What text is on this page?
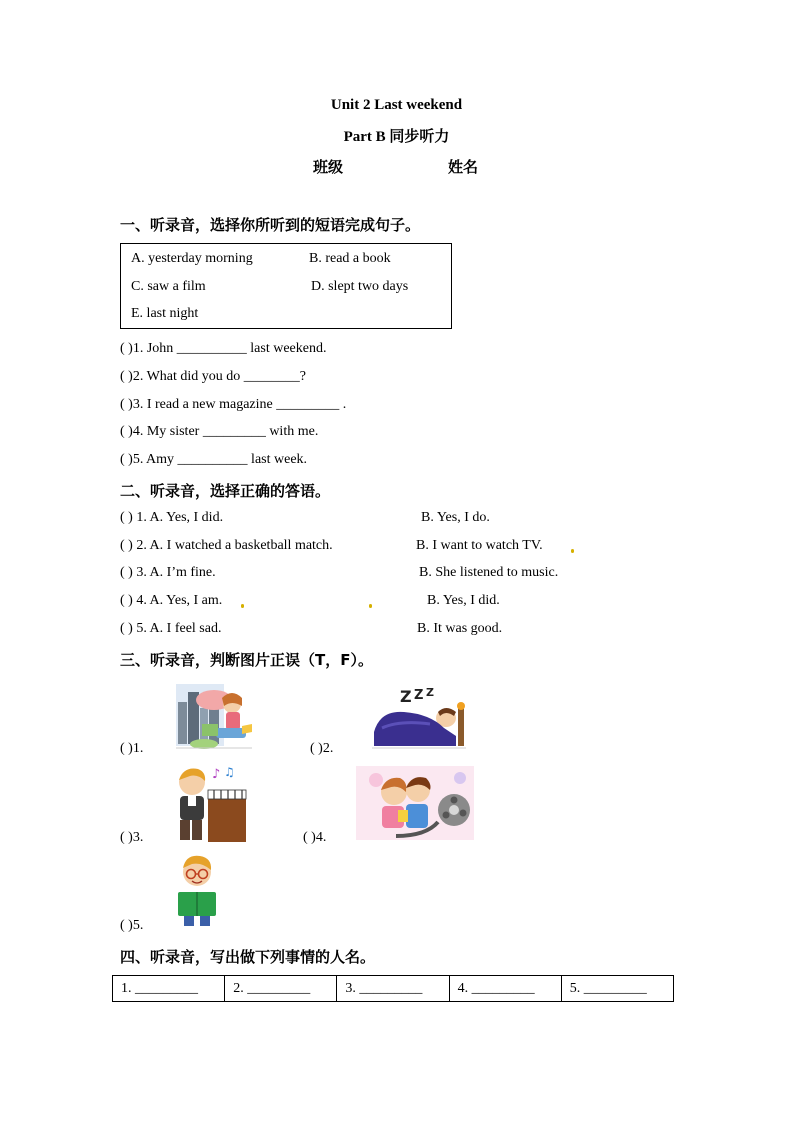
Unit 2 Last weekend
Part B 同步听力
班级	姓名
一、听录音，选择你所听到的短语完成句子。
A. yesterday morning	B. read a book
C. saw a film	D. slept two days
E. last night
( )1. John __________ last weekend.
( )2. What did you do ________?
( )3. I read a new magazine _________ .
( )4. My sister _________ with me.
( )5. Amy __________ last week.
二、听录音，选择正确的答语。
( ) 1. A. Yes, I did.	B. Yes, I do.
( ) 2. A. I watched a basketball match.	B. I want to watch TV.
( ) 3. A. I’m fine.	B. She listened to music.
( ) 4. A. Yes, I am.	B. Yes, I did.
( ) 5. A. I feel sad.	B. It was good.
三、听录音，判断图片正误（T，F）。
( )1.
Z Z Z
( )2.
♪ ♫
( )3.	( )4.
( )5.
四、听录音，写出做下列事情的人名。
1. _________	2. _________	3. _________	4. _________	5. _________
